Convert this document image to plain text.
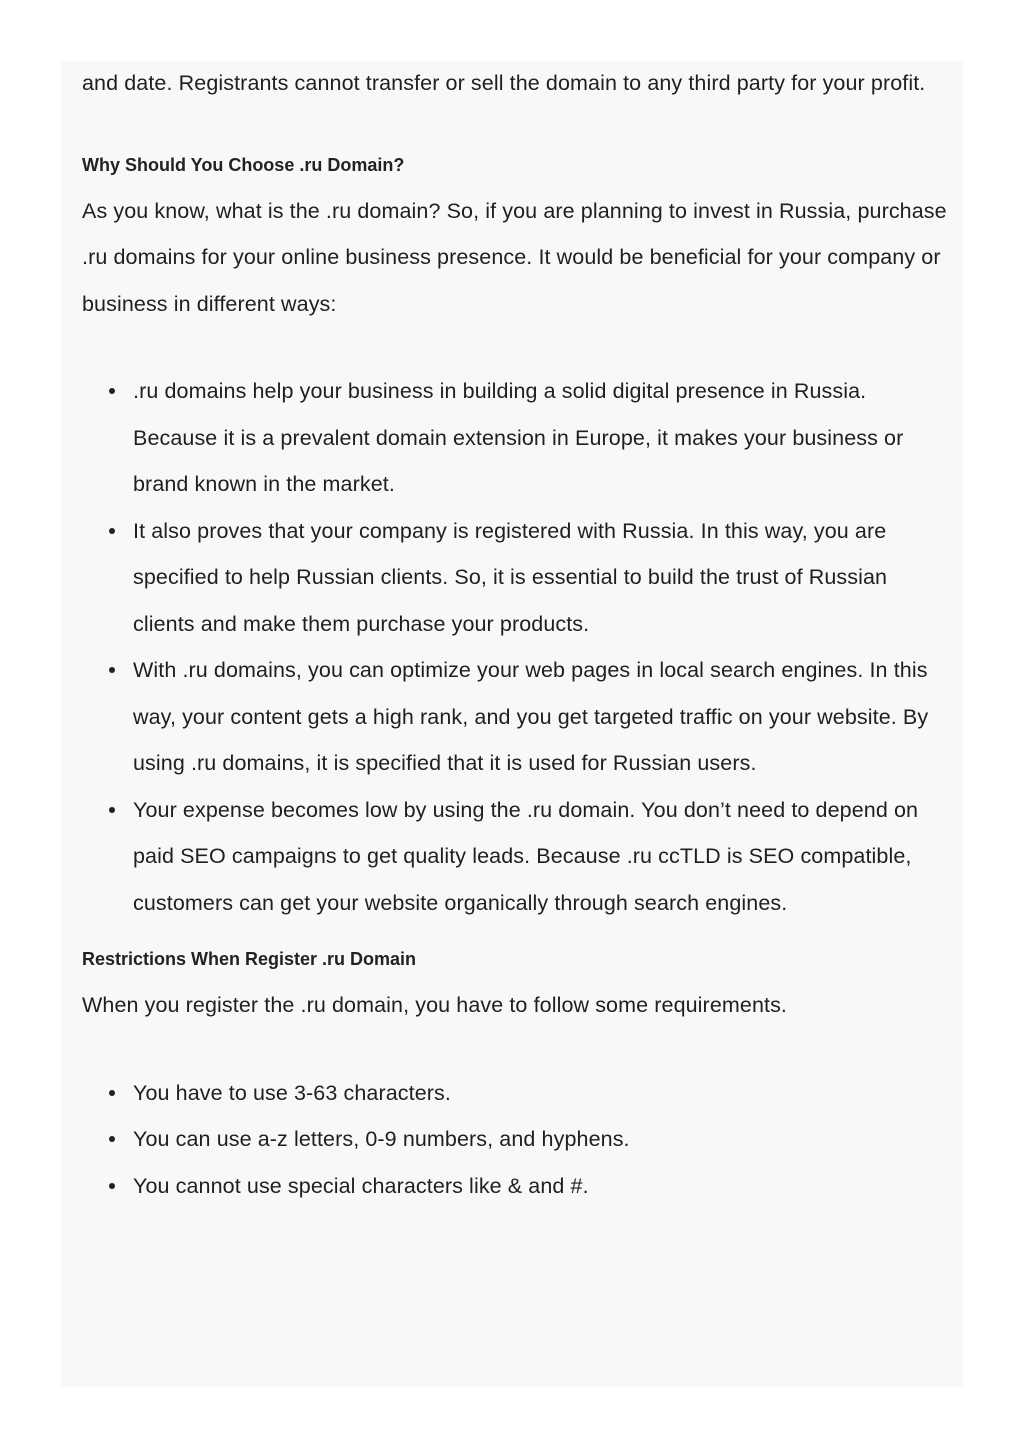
and date. Registrants cannot transfer or sell the domain to any third party for your profit.

Why Should You Choose .ru Domain?

As you know, what is the .ru domain? So, if you are planning to invest in Russia, purchase .ru domains for your online business presence. It would be beneficial for your company or business in different ways:

.ru domains help your business in building a solid digital presence in Russia. Because it is a prevalent domain extension in Europe, it makes your business or brand known in the market.
It also proves that your company is registered with Russia. In this way, you are specified to help Russian clients. So, it is essential to build the trust of Russian clients and make them purchase your products.
With .ru domains, you can optimize your web pages in local search engines. In this way, your content gets a high rank, and you get targeted traffic on your website. By using .ru domains, it is specified that it is used for Russian users.
Your expense becomes low by using the .ru domain. You don’t need to depend on paid SEO campaigns to get quality leads. Because .ru ccTLD is SEO compatible, customers can get your website organically through search engines.
Restrictions When Register .ru Domain

When you register the .ru domain, you have to follow some requirements.

You have to use 3-63 characters.
You can use a-z letters, 0-9 numbers, and hyphens.
You cannot use special characters like & and #.
